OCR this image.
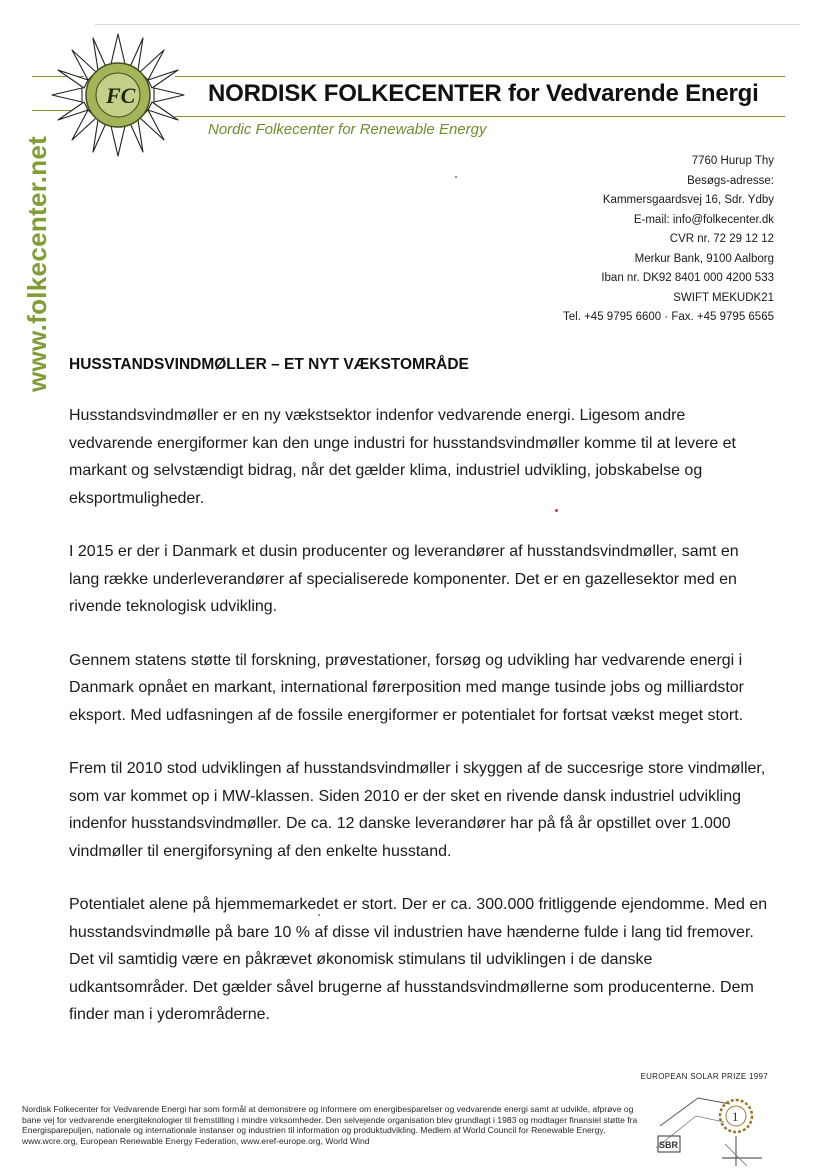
FC	NORDISK FOLKECENTER for Vedvarende Energi
Nordic Folkecenter for Renewable Energy
www.folkecenter.net	7760 Hurup Thy
Besøgs-adresse:
Kammersgaardsvej 16, Sdr. Ydby
E-mail: info@folkecenter.dk
CVR nr. 72 29 12 12
Merkur Bank, 9100 Aalborg
Iban nr. DK92 8401 000 4200 533
SWIFT MEKUDK21
Tel. +45 9795 6600 · Fax. +45 9795 6565
HUSSTANDSVINDMØLLER – ET NYT VÆKSTOMRÅDE

Husstandsvindmøller er en ny vækstsektor indenfor vedvarende energi. Ligesom andre vedvarende energiformer kan den unge industri for husstandsvindmøller komme til at levere et markant og selvstændigt bidrag, når det gælder klima, industriel udvikling, jobskabelse og eksportmuligheder.

I 2015 er der i Danmark et dusin producenter og leverandører af husstandsvindmøller, samt en lang række underleverandører af specialiserede komponenter. Det er en gazellesektor med en rivende teknologisk udvikling.

Gennem statens støtte til forskning, prøvestationer, forsøg og udvikling har vedvarende energi i Danmark opnået en markant, international førerposition med mange tusinde jobs og milliardstor eksport. Med udfasningen af de fossile energiformer er potentialet for fortsat vækst meget stort.

Frem til 2010 stod udviklingen af husstandsvindmøller i skyggen af de succesrige store vindmøller, som var kommet op i MW-klassen. Siden 2010 er der sket en rivende dansk industriel udvikling indenfor husstandsvindmøller. De ca. 12 danske leverandører har på få år opstillet over 1.000 vindmøller til energiforsyning af den enkelte husstand.

Potentialet alene på hjemmemarkedet er stort. Der er ca. 300.000 fritliggende ejendomme. Med en husstandsvindmølle på bare 10 % af disse vil industrien have hænderne fulde i lang tid fremover. Det vil samtidig være en påkrævet økonomisk stimulans til udviklingen i de danske udkantsområder. Det gælder såvel brugerne af husstandsvindmøllerne som producenterne. Dem finder man i yderområderne.

EUROPEAN SOLAR PRIZE 1997
Nordisk Folkecenter for Vedvarende Energi har som formål at demonstrere og informere om energibesparelser og vedvarende energi samt at udvikle, afprøve og bane vej for vedvarende energiteknologier til fremstilling i mindre virksomheder. Den selvejende organisation blev grundlagt i 1983 og modtager finansiel støtte fra Energisparepuljen, nationale og internationale instanser og industrien til information og produktudvikling. Medlem af World Council for Renewable Energy, www.wcre.org, European Renewable Energy Federation, www.eref-europe.org, World Wind	SBR
1
